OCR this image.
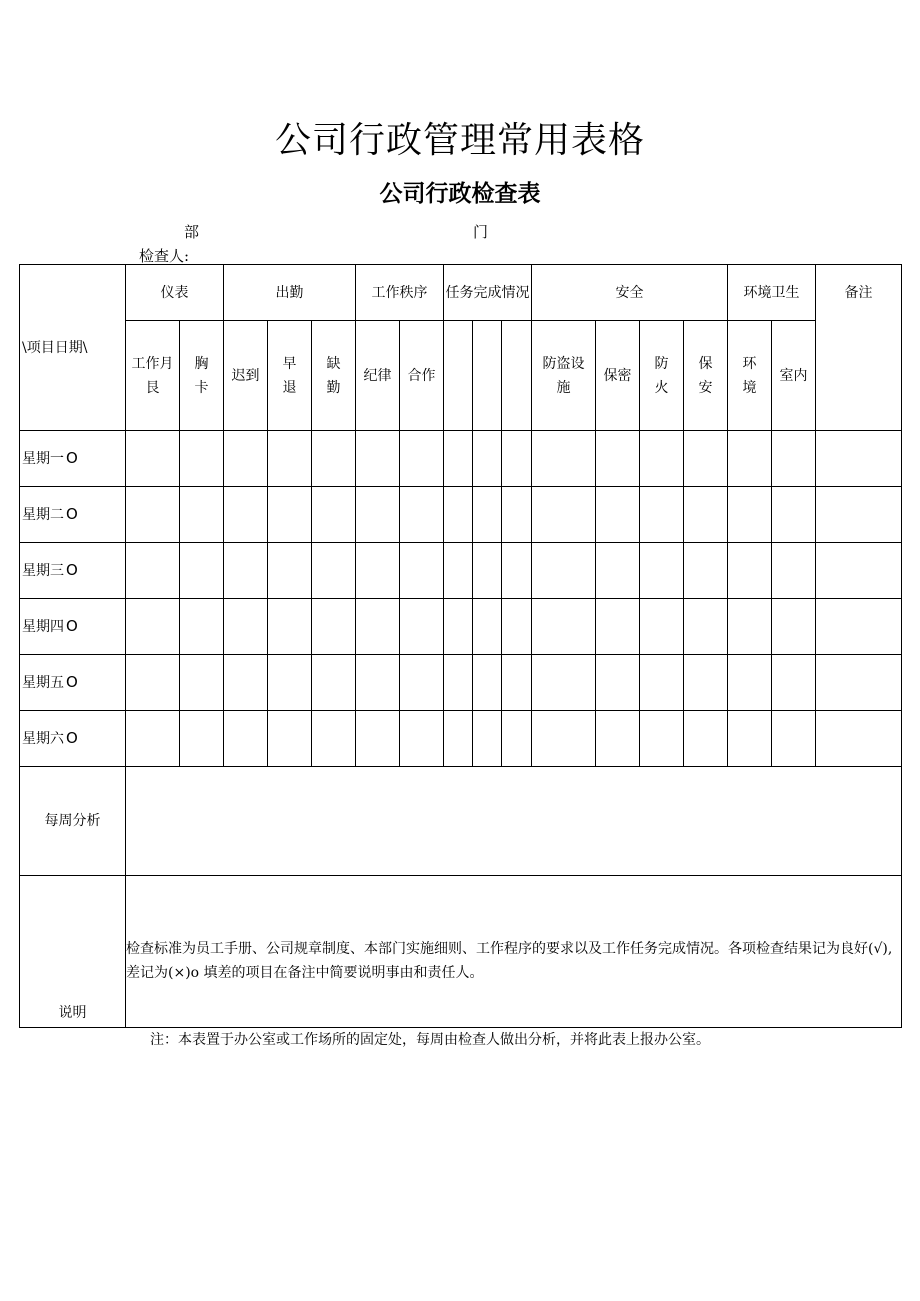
公司行政管理常用表格
公司行政检查表
部	门
检查人:
\项目日期\	仪表		出勤			工作秩序		任务完成情况			安全				环境卫生		备注
	工作月艮	胸卡	迟到	早退	缺勤	纪律	合作				防盗设施	保密	防火	保安	环境	室内	
星期一 O																	
星期二 O																	
星期三 O																	
星期四 O																	
星期五 O																	
星期六 O																	
每周分析																	
说明	检查标准为员工手册、公司规章制度、本部门实施细则、工作程序的要求以及工作任务完成情况。各项检查结果记为良好(√),差记为(×)o 填差的项目在备注中简要说明事由和责任人。																
注：本表置于办公室或工作场所的固定处，每周由检查人做出分析，并将此表上报办公室。
